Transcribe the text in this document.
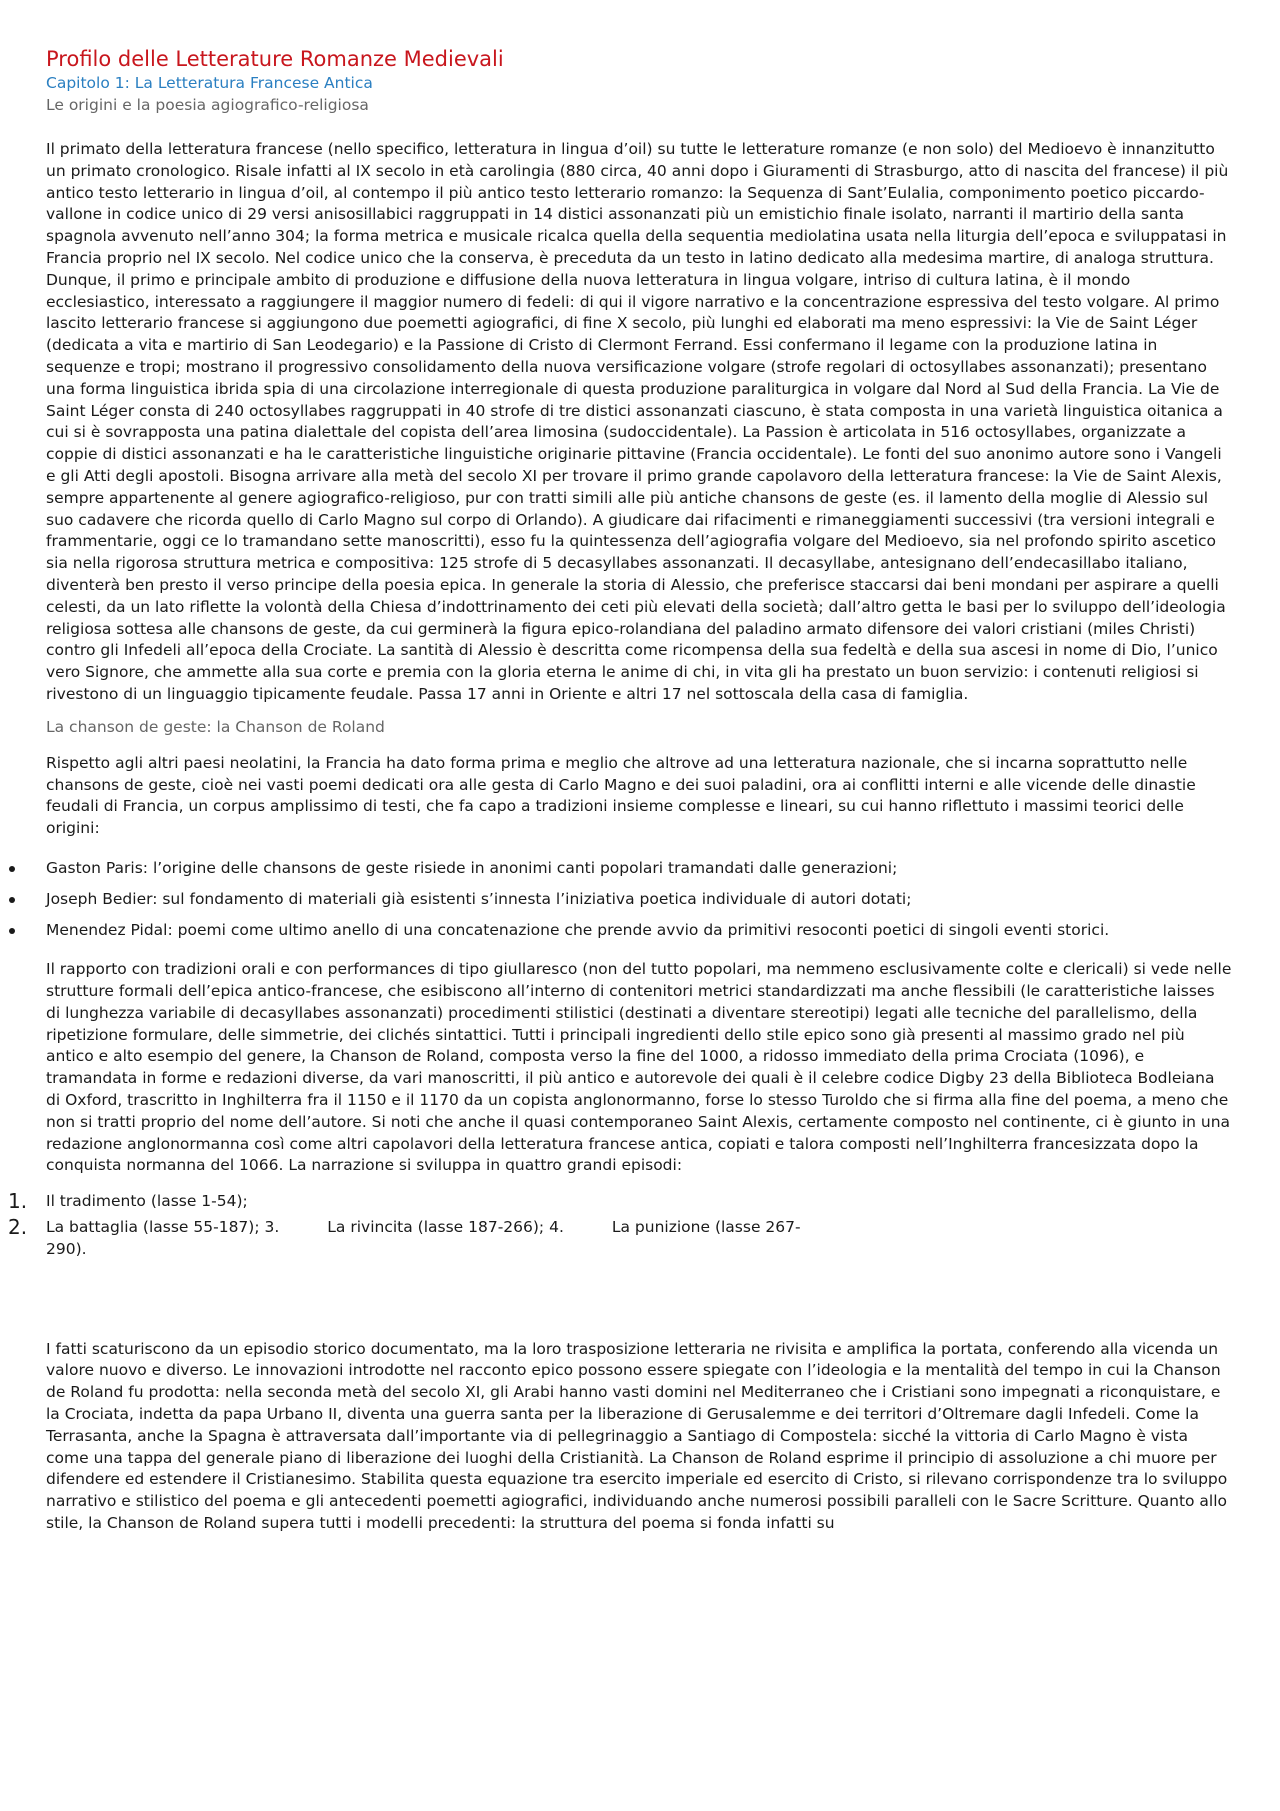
Profilo delle Letterature Romanze Medievali
Capitolo 1: La Letteratura Francese Antica
Le origini e la poesia agiografico-religiosa

Il primato della letteratura francese (nello specifico, letteratura in lingua d’oil) su tutte le letterature romanze (e non solo) del Medioevo è innanzitutto un primato cronologico. Risale infatti al IX secolo in età carolingia (880 circa, 40 anni dopo i Giuramenti di Strasburgo, atto di nascita del francese) il più antico testo letterario in lingua d’oil, al contempo il più antico testo letterario romanzo: la Sequenza di Sant’Eulalia, componimento poetico piccardo-vallone in codice unico di 29 versi anisosillabici raggruppati in 14 distici assonanzati più un emistichio finale isolato, narranti il martirio della santa spagnola avvenuto nell’anno 304; la forma metrica e musicale ricalca quella della sequentia mediolatina usata nella liturgia dell’epoca e sviluppatasi in Francia proprio nel IX secolo. Nel codice unico che la conserva, è preceduta da un testo in latino dedicato alla medesima martire, di analoga struttura. Dunque, il primo e principale ambito di produzione e diffusione della nuova letteratura in lingua volgare, intriso di cultura latina, è il mondo ecclesiastico, interessato a raggiungere il maggior numero di fedeli: di qui il vigore narrativo e la concentrazione espressiva del testo volgare. Al primo lascito letterario francese si aggiungono due poemetti agiografici, di fine X secolo, più lunghi ed elaborati ma meno espressivi: la Vie de Saint Léger (dedicata a vita e martirio di San Leodegario) e la Passione di Cristo di Clermont Ferrand. Essi confermano il legame con la produzione latina in sequenze e tropi; mostrano il progressivo consolidamento della nuova versificazione volgare (strofe regolari di octosyllabes assonanzati); presentano una forma linguistica ibrida spia di una circolazione interregionale di questa produzione paraliturgica in volgare dal Nord al Sud della Francia. La Vie de Saint Léger consta di 240 octosyllabes raggruppati in 40 strofe di tre distici assonanzati ciascuno, è stata composta in una varietà linguistica oitanica a cui si è sovrapposta una patina dialettale del copista dell’area limosina (sudoccidentale). La Passion è articolata in 516 octosyllabes, organizzate a coppie di distici assonanzati e ha le caratteristiche linguistiche originarie pittavine (Francia occidentale). Le fonti del suo anonimo autore sono i Vangeli e gli Atti degli apostoli. Bisogna arrivare alla metà del secolo XI per trovare il primo grande capolavoro della letteratura francese: la Vie de Saint Alexis, sempre appartenente al genere agiografico-religioso, pur con tratti simili alle più antiche chansons de geste (es. il lamento della moglie di Alessio sul suo cadavere che ricorda quello di Carlo Magno sul corpo di Orlando). A giudicare dai rifacimenti e rimaneggiamenti successivi (tra versioni integrali e frammentarie, oggi ce lo tramandano sette manoscritti), esso fu la quintessenza dell’agiografia volgare del Medioevo, sia nel profondo spirito ascetico sia nella rigorosa struttura metrica e compositiva: 125 strofe di 5 decasyllabes assonanzati. Il decasyllabe, antesignano dell’endecasillabo italiano, diventerà ben presto il verso principe della poesia epica. In generale la storia di Alessio, che preferisce staccarsi dai beni mondani per aspirare a quelli celesti, da un lato riflette la volontà della Chiesa d’indottrinamento dei ceti più elevati della società; dall’altro getta le basi per lo sviluppo dell’ideologia religiosa sottesa alle chansons de geste, da cui germinerà la figura epico-rolandiana del paladino armato difensore dei valori cristiani (miles Christi) contro gli Infedeli all’epoca della Crociate. La santità di Alessio è descritta come ricompensa della sua fedeltà e della sua ascesi in nome di Dio, l’unico vero Signore, che ammette alla sua corte e premia con la gloria eterna le anime di chi, in vita gli ha prestato un buon servizio: i contenuti religiosi si rivestono di un linguaggio tipicamente feudale. Passa 17 anni in Oriente e altri 17 nel sottoscala della casa di famiglia.

La chanson de geste: la Chanson de Roland

Rispetto agli altri paesi neolatini, la Francia ha dato forma prima e meglio che altrove ad una letteratura nazionale, che si incarna soprattutto nelle chansons de geste, cioè nei vasti poemi dedicati ora alle gesta di Carlo Magno e dei suoi paladini, ora ai conflitti interni e alle vicende delle dinastie feudali di Francia, un corpus amplissimo di testi, che fa capo a tradizioni insieme complesse e lineari, su cui hanno riflettuto i massimi teorici delle origini:

Gaston Paris: l’origine delle chansons de geste risiede in anonimi canti popolari tramandati dalle generazioni;
Joseph Bedier: sul fondamento di materiali già esistenti s’innesta l’iniziativa poetica individuale di autori dotati;
Menendez Pidal: poemi come ultimo anello di una concatenazione che prende avvio da primitivi resoconti poetici di singoli eventi storici.

Il rapporto con tradizioni orali e con performances di tipo giullaresco (non del tutto popolari, ma nemmeno esclusivamente colte e clericali) si vede nelle strutture formali dell’epica antico-francese, che esibiscono all’interno di contenitori metrici standardizzati ma anche flessibili (le caratteristiche laisses di lunghezza variabile di decasyllabes assonanzati) procedimenti stilistici (destinati a diventare stereotipi) legati alle tecniche del parallelismo, della ripetizione formulare, delle simmetrie, dei clichés sintattici. Tutti i principali ingredienti dello stile epico sono già presenti al massimo grado nel più antico e alto esempio del genere, la Chanson de Roland, composta verso la fine del 1000, a ridosso immediato della prima Crociata (1096), e tramandata in forme e redazioni diverse, da vari manoscritti, il più antico e autorevole dei quali è il celebre codice Digby 23 della Biblioteca Bodleiana di Oxford, trascritto in Inghilterra fra il 1150 e il 1170 da un copista anglonormanno, forse lo stesso Turoldo che si firma alla fine del poema, a meno che non si tratti proprio del nome dell’autore. Si noti che anche il quasi contemporaneo Saint Alexis, certamente composto nel continente, ci è giunto in una redazione anglonormanna così come altri capolavori della letteratura francese antica, copiati e talora composti nell’Inghilterra francesizzata dopo la conquista normanna del 1066. La narrazione si sviluppa in quattro grandi episodi:

1. Il tradimento (lasse 1-54);
2. La battaglia (lasse 55-187); 3.	La rivincita (lasse 187-266); 4.	La punizione (lasse 267-
290).

I fatti scaturiscono da un episodio storico documentato, ma la loro trasposizione letteraria ne rivisita e amplifica la portata, conferendo alla vicenda un valore nuovo e diverso. Le innovazioni introdotte nel racconto epico possono essere spiegate con l’ideologia e la mentalità del tempo in cui la Chanson de Roland fu prodotta: nella seconda metà del secolo XI, gli Arabi hanno vasti domini nel Mediterraneo che i Cristiani sono impegnati a riconquistare, e la Crociata, indetta da papa Urbano II, diventa una guerra santa per la liberazione di Gerusalemme e dei territori d’Oltremare dagli Infedeli. Come la Terrasanta, anche la Spagna è attraversata dall’importante via di pellegrinaggio a Santiago di Compostela: sicché la vittoria di Carlo Magno è vista come una tappa del generale piano di liberazione dei luoghi della Cristianità. La Chanson de Roland esprime il principio di assoluzione a chi muore per difendere ed estendere il Cristianesimo. Stabilita questa equazione tra esercito imperiale ed esercito di Cristo, si rilevano corrispondenze tra lo sviluppo narrativo e stilistico del poema e gli antecedenti poemetti agiografici, individuando anche numerosi possibili paralleli con le Sacre Scritture. Quanto allo stile, la Chanson de Roland supera tutti i modelli precedenti: la struttura del poema si fonda infatti su
